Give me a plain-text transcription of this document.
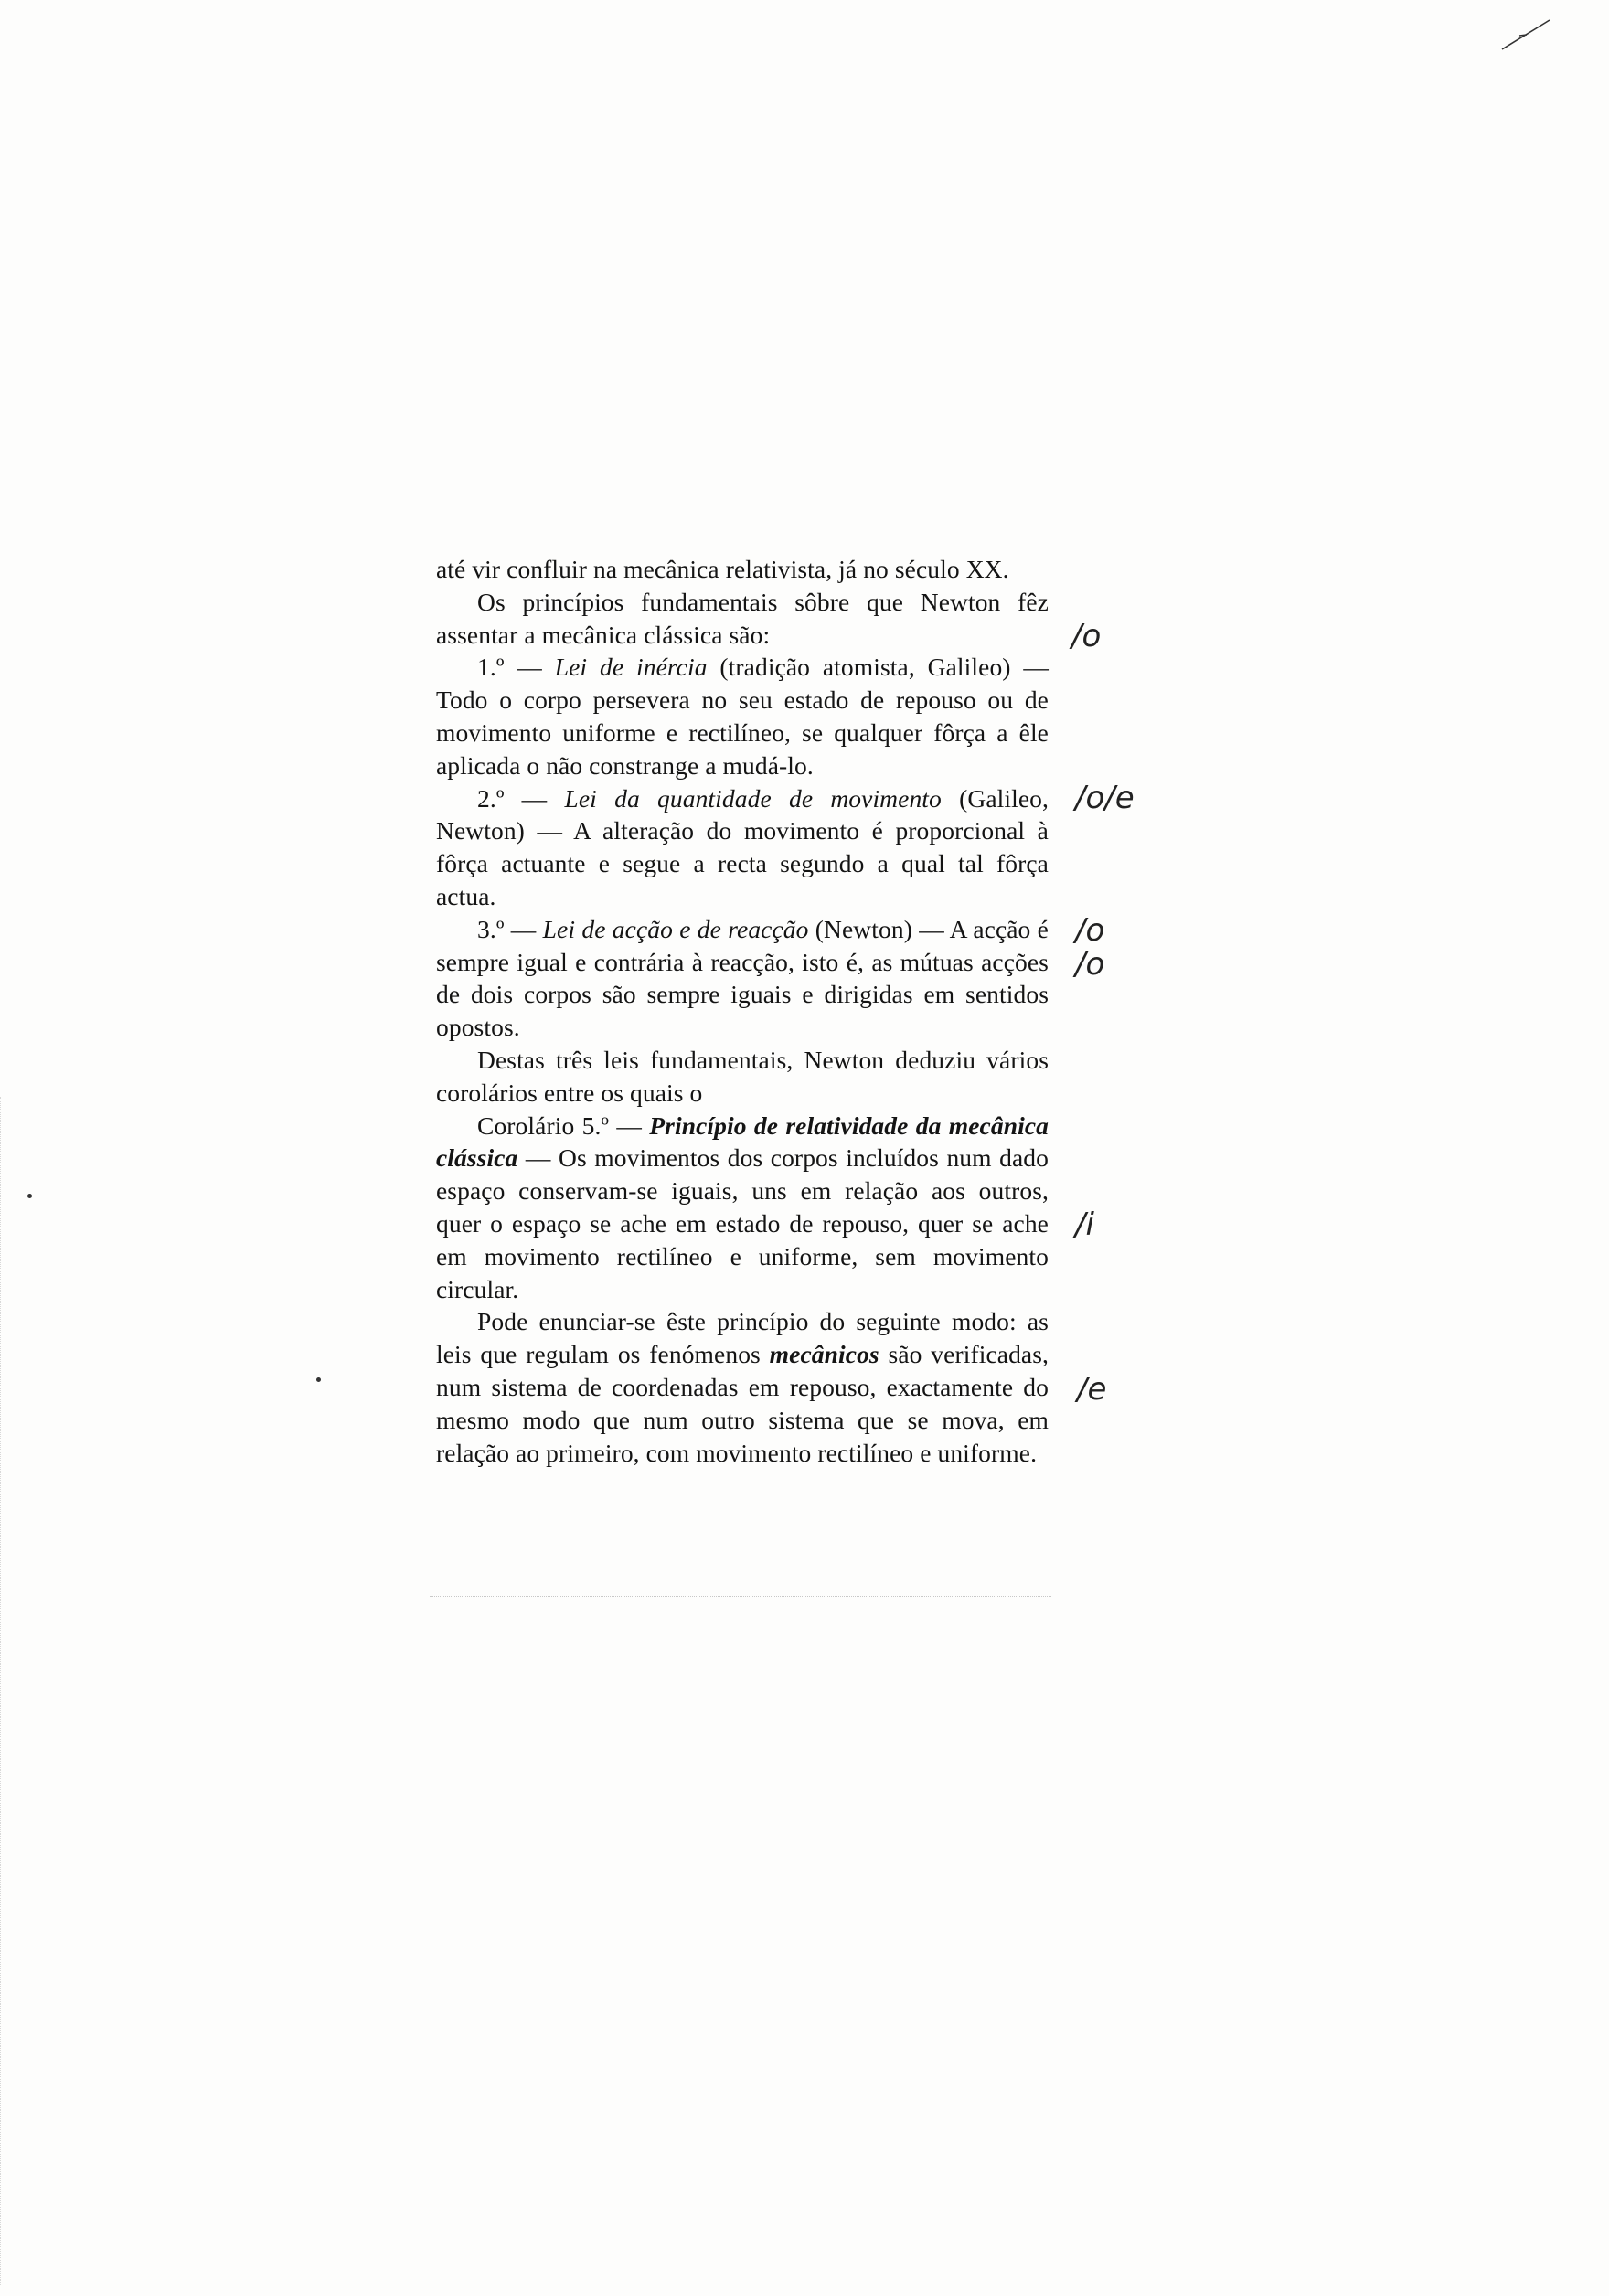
até vir confluir na mecânica relativista, já no século XX.

Os princípios fundamentais sôbre que Newton fêz assentar a mecânica clássica são:

1.º — Lei de inércia (tradição atomista, Galileo) — Todo o corpo persevera no seu estado de repouso ou de movimento uniforme e rectilíneo, se qualquer fôrça a êle aplicada o não constrange a mudá-lo.

2.º — Lei da quantidade de movimento (Galileo, Newton) — A alteração do movimento é proporcional à fôrça actuante e segue a recta segundo a qual tal fôrça actua.

3.º — Lei de acção e de reacção (Newton) — A acção é sempre igual e contrária à reacção, isto é, as mútuas acções de dois corpos são sempre iguais e dirigidas em sentidos opostos.

Destas três leis fundamentais, Newton deduziu vários corolários entre os quais o

Corolário 5.º — Princípio de relatividade da mecânica clássica — Os movimentos dos corpos incluídos num dado espaço conservam-se iguais, uns em relação aos outros, quer o espaço se ache em estado de repouso, quer se ache em movimento rectilíneo e uniforme, sem movimento circular.

Pode enunciar-se êste princípio do seguinte modo: as leis que regulam os fenómenos mecânicos são verificadas, num sistema de coordenadas em repouso, exactamente do mesmo modo que num outro sistema que se mova, em relação ao primeiro, com movimento rectilíneo e uniforme.

/o
/o/e
/o
/o
/i
/e
